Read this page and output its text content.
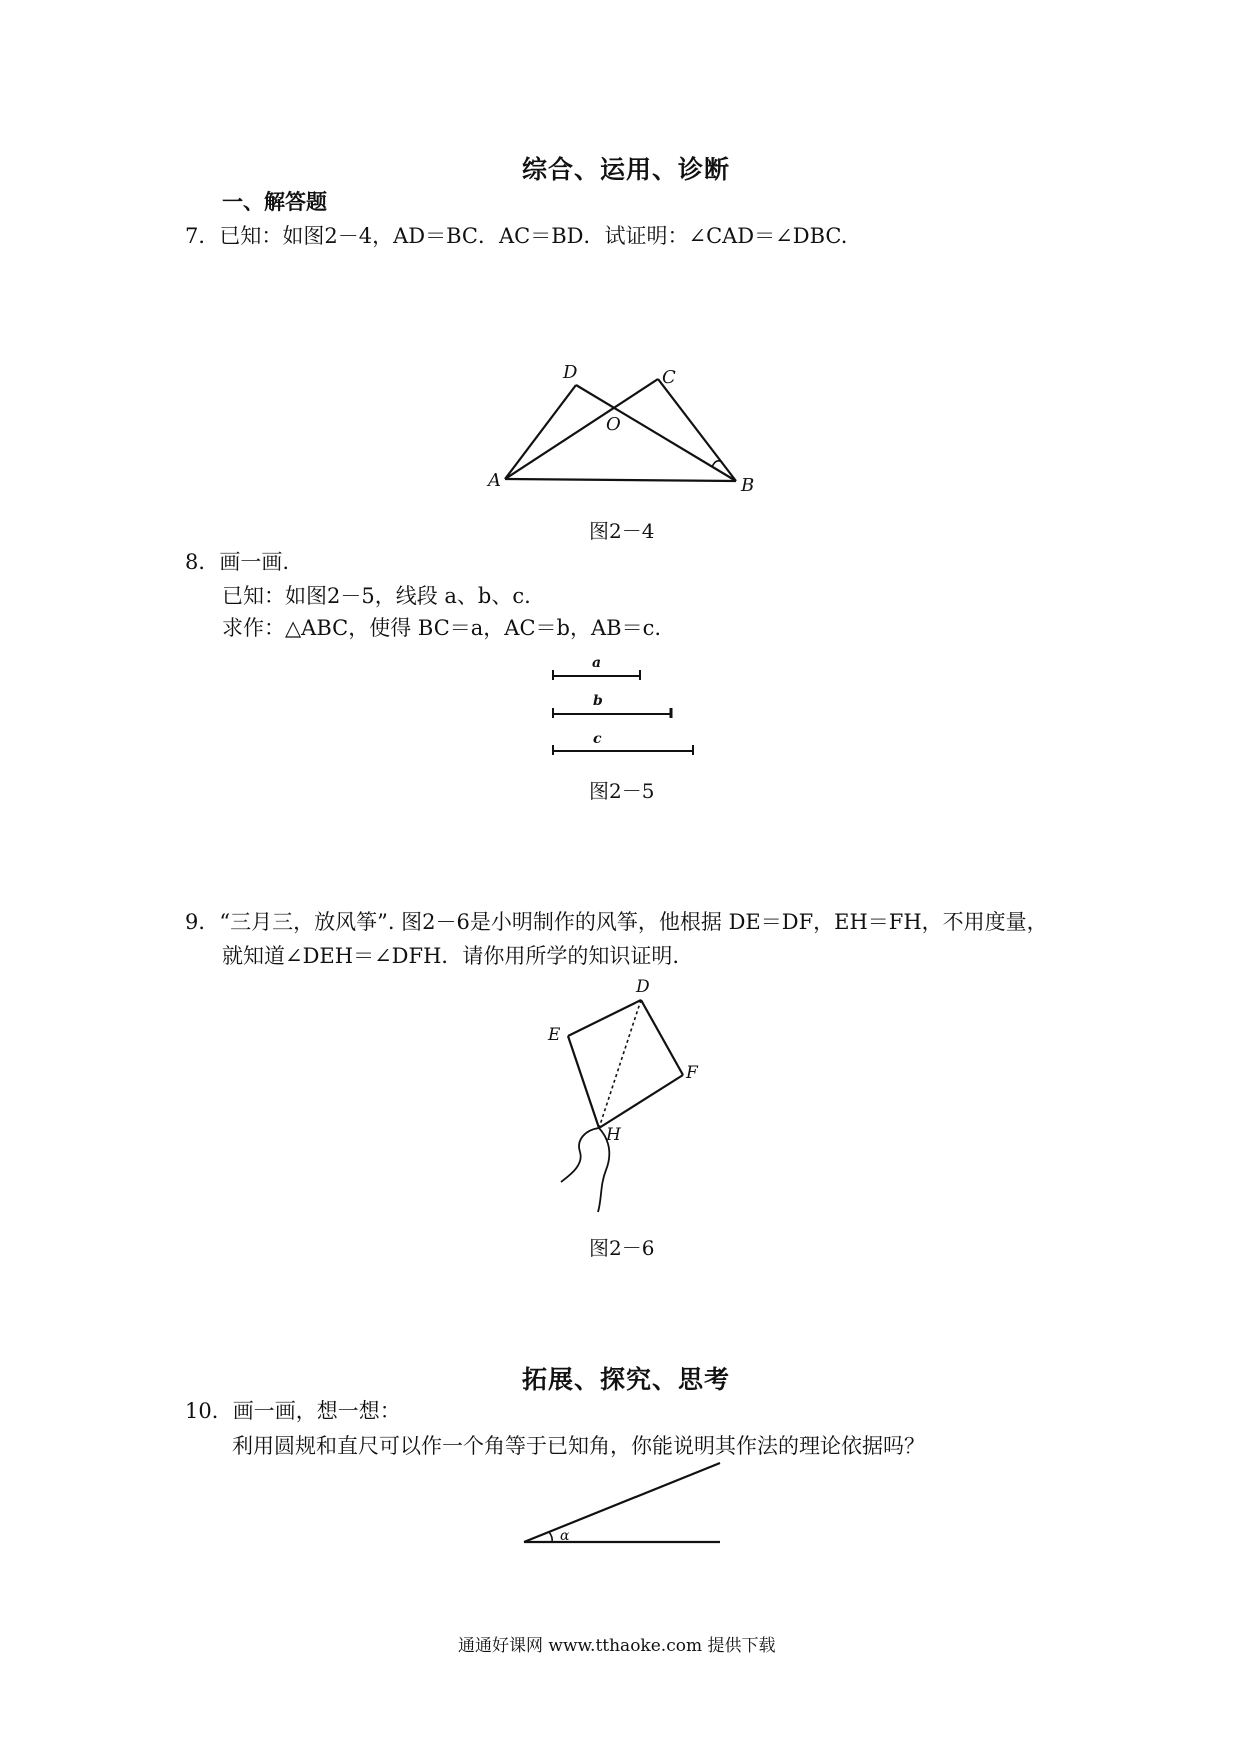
综合、运用、诊断
一、解答题
7．已知：如图2－4，AD＝BC．AC＝BD．试证明：∠CAD＝∠DBC.
A	B
C
D
O
图2－4
8．画一画.
已知：如图2－5，线段 a、b、c.
求作：△ABC，使得 BC＝a，AC＝b，AB＝c.
a
b
c
图2－5
9．“三月三，放风筝”. 图2－6是小明制作的风筝，他根据 DE＝DF，EH＝FH，不用度量，
就知道∠DEH＝∠DFH．请你用所学的知识证明.
D
E
F
H
图2－6
拓展、探究、思考
10．画一画，想一想：
利用圆规和直尺可以作一个角等于已知角，你能说明其作法的理论依据吗？
α
通通好课网 www.tthaoke.com 提供下载
